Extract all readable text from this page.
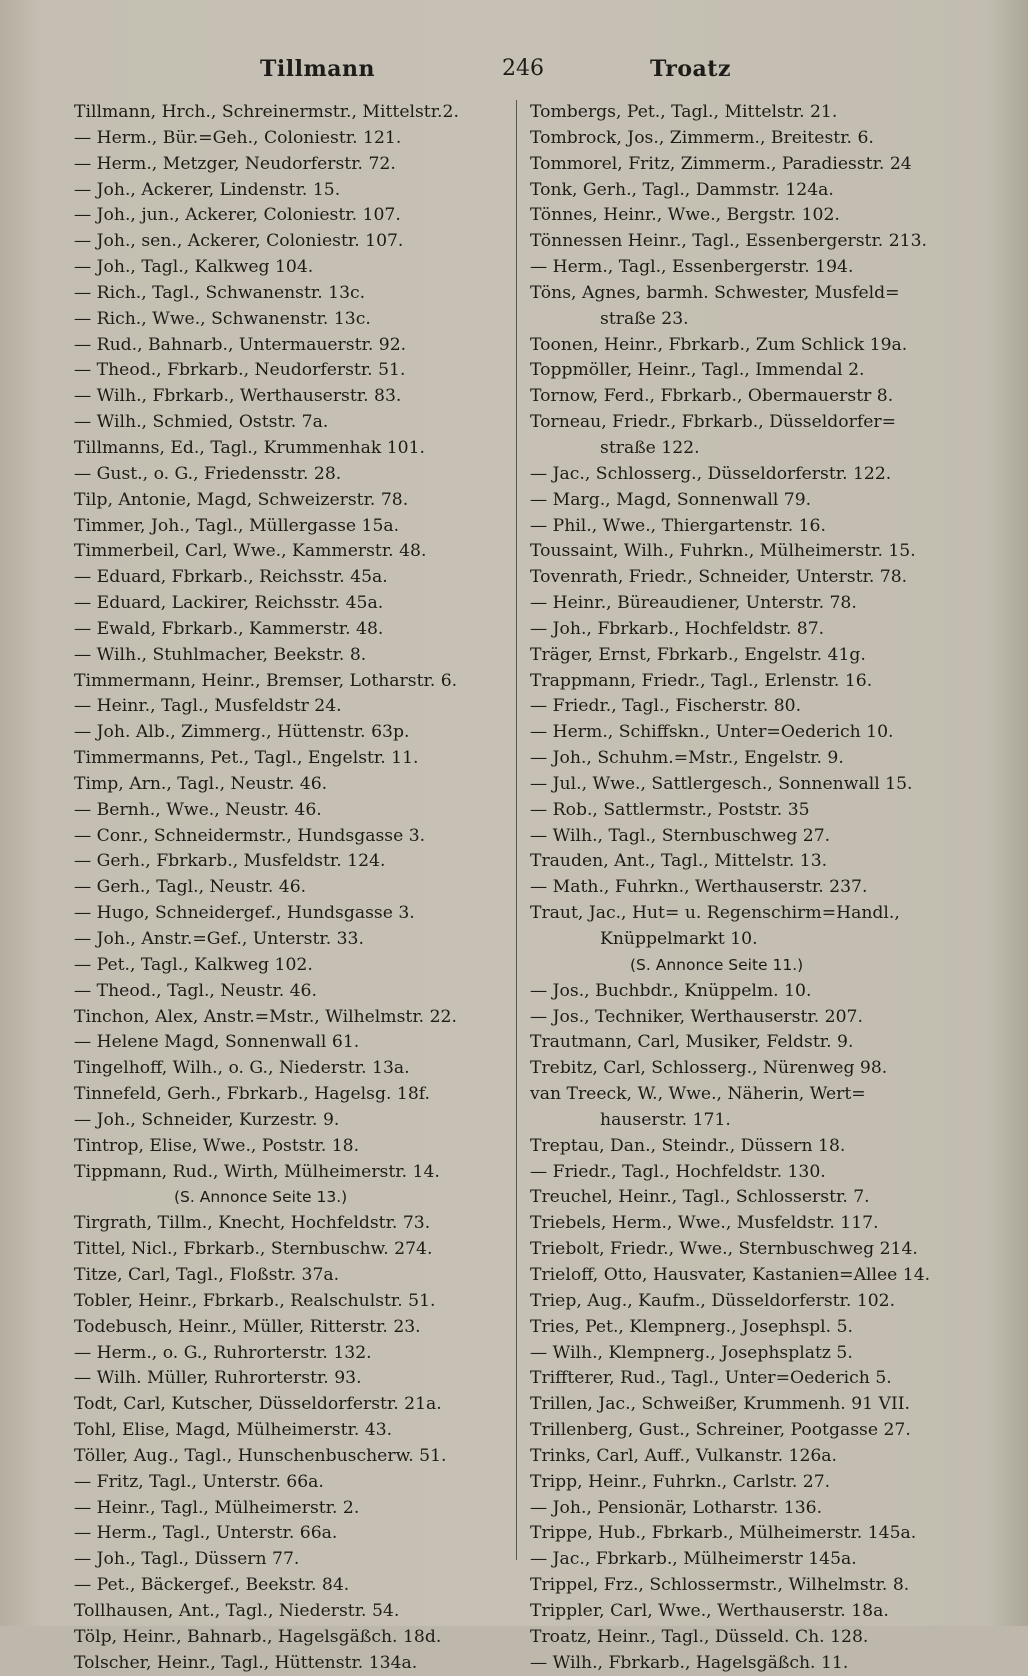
Tillmann	246	Troatz
Tillmann, Hrch., Schreinermstr., Mittelstr.2.
— Herm., Bür.=Geh., Coloniestr. 121.
— Herm., Metzger, Neudorferstr. 72.
— Joh., Ackerer, Lindenstr. 15.
— Joh., jun., Ackerer, Coloniestr. 107.
— Joh., sen., Ackerer, Coloniestr. 107.
— Joh., Tagl., Kalkweg 104.
— Rich., Tagl., Schwanenstr. 13c.
— Rich., Wwe., Schwanenstr. 13c.
— Rud., Bahnarb., Untermauerstr. 92.
— Theod., Fbrkarb., Neudorferstr. 51.
— Wilh., Fbrkarb., Werthauserstr. 83.
— Wilh., Schmied, Oststr. 7a.
Tillmanns, Ed., Tagl., Krummenhak 101.
— Gust., o. G., Friedensstr. 28.
Tilp, Antonie, Magd, Schweizerstr. 78.
Timmer, Joh., Tagl., Müllergasse 15a.
Timmerbeil, Carl, Wwe., Kammerstr. 48.
— Eduard, Fbrkarb., Reichsstr. 45a.
— Eduard, Lackirer, Reichsstr. 45a.
— Ewald, Fbrkarb., Kammerstr. 48.
— Wilh., Stuhlmacher, Beekstr. 8.
Timmermann, Heinr., Bremser, Lotharstr. 6.
— Heinr., Tagl., Musfeldstr 24.
— Joh. Alb., Zimmerg., Hüttenstr. 63p.
Timmermanns, Pet., Tagl., Engelstr. 11.
Timp, Arn., Tagl., Neustr. 46.
— Bernh., Wwe., Neustr. 46.
— Conr., Schneidermstr., Hundsgasse 3.
— Gerh., Fbrkarb., Musfeldstr. 124.
— Gerh., Tagl., Neustr. 46.
— Hugo, Schneidergef., Hundsgasse 3.
— Joh., Anstr.=Gef., Unterstr. 33.
— Pet., Tagl., Kalkweg 102.
— Theod., Tagl., Neustr. 46.
Tinchon, Alex, Anstr.=Mstr., Wilhelmstr. 22.
— Helene Magd, Sonnenwall 61.
Tingelhoff, Wilh., o. G., Niederstr. 13a.
Tinnefeld, Gerh., Fbrkarb., Hagelsg. 18f.
— Joh., Schneider, Kurzestr. 9.
Tintrop, Elise, Wwe., Poststr. 18.
Tippmann, Rud., Wirth, Mülheimerstr. 14.
(S. Annonce Seite 13.)
Tirgrath, Tillm., Knecht, Hochfeldstr. 73.
Tittel, Nicl., Fbrkarb., Sternbuschw. 274.
Titze, Carl, Tagl., Floßstr. 37a.
Tobler, Heinr., Fbrkarb., Realschulstr. 51.
Todebusch, Heinr., Müller, Ritterstr. 23.
— Herm., o. G., Ruhrorterstr. 132.
— Wilh. Müller, Ruhrorterstr. 93.
Todt, Carl, Kutscher, Düsseldorferstr. 21a.
Tohl, Elise, Magd, Mülheimerstr. 43.
Töller, Aug., Tagl., Hunschenbuscherw. 51.
— Fritz, Tagl., Unterstr. 66a.
— Heinr., Tagl., Mülheimerstr. 2.
— Herm., Tagl., Unterstr. 66a.
— Joh., Tagl., Düssern 77.
— Pet., Bäckergef., Beekstr. 84.
Tollhausen, Ant., Tagl., Niederstr. 54.
Tölp, Heinr., Bahnarb., Hagelsgäßch. 18d.
Tolscher, Heinr., Tagl., Hüttenstr. 134a.
Tombergs, Pet., Tagl., Mittelstr. 21.
Tombrock, Jos., Zimmerm., Breitestr. 6.
Tommorel, Fritz, Zimmerm., Paradiesstr. 24
Tonk, Gerh., Tagl., Dammstr. 124a.
Tönnes, Heinr., Wwe., Bergstr. 102.
Tönnessen Heinr., Tagl., Essenbergerstr. 213.
— Herm., Tagl., Essenbergerstr. 194.
Töns, Agnes, barmh. Schwester, Musfeld=
straße 23.
Toonen, Heinr., Fbrkarb., Zum Schlick 19a.
Toppmöller, Heinr., Tagl., Immendal 2.
Tornow, Ferd., Fbrkarb., Obermauerstr 8.
Torneau, Friedr., Fbrkarb., Düsseldorfer=
straße 122.
— Jac., Schlosserg., Düsseldorferstr. 122.
— Marg., Magd, Sonnenwall 79.
— Phil., Wwe., Thiergartenstr. 16.
Toussaint, Wilh., Fuhrkn., Mülheimerstr. 15.
Tovenrath, Friedr., Schneider, Unterstr. 78.
— Heinr., Büreaudiener, Unterstr. 78.
— Joh., Fbrkarb., Hochfeldstr. 87.
Träger, Ernst, Fbrkarb., Engelstr. 41g.
Trappmann, Friedr., Tagl., Erlenstr. 16.
— Friedr., Tagl., Fischerstr. 80.
— Herm., Schiffskn., Unter=Oederich 10.
— Joh., Schuhm.=Mstr., Engelstr. 9.
— Jul., Wwe., Sattlergesch., Sonnenwall 15.
— Rob., Sattlermstr., Poststr. 35
— Wilh., Tagl., Sternbuschweg 27.
Trauden, Ant., Tagl., Mittelstr. 13.
— Math., Fuhrkn., Werthauserstr. 237.
Traut, Jac., Hut= u. Regenschirm=Handl.,
Knüppelmarkt 10.
(S. Annonce Seite 11.)
— Jos., Buchbdr., Knüppelm. 10.
— Jos., Techniker, Werthauserstr. 207.
Trautmann, Carl, Musiker, Feldstr. 9.
Trebitz, Carl, Schlosserg., Nürenweg 98.
van Treeck, W., Wwe., Näherin, Wert=
hauserstr. 171.
Treptau, Dan., Steindr., Düssern 18.
— Friedr., Tagl., Hochfeldstr. 130.
Treuchel, Heinr., Tagl., Schlosserstr. 7.
Triebels, Herm., Wwe., Musfeldstr. 117.
Triebolt, Friedr., Wwe., Sternbuschweg 214.
Trieloff, Otto, Hausvater, Kastanien=Allee 14.
Triep, Aug., Kaufm., Düsseldorferstr. 102.
Tries, Pet., Klempnerg., Josephspl. 5.
— Wilh., Klempnerg., Josephsplatz 5.
Triffterer, Rud., Tagl., Unter=Oederich 5.
Trillen, Jac., Schweißer, Krummenh. 91 VII.
Trillenberg, Gust., Schreiner, Pootgasse 27.
Trinks, Carl, Auff., Vulkanstr. 126a.
Tripp, Heinr., Fuhrkn., Carlstr. 27.
— Joh., Pensionär, Lotharstr. 136.
Trippe, Hub., Fbrkarb., Mülheimerstr. 145a.
— Jac., Fbrkarb., Mülheimerstr 145a.
Trippel, Frz., Schlossermstr., Wilhelmstr. 8.
Trippler, Carl, Wwe., Werthauserstr. 18a.
Troatz, Heinr., Tagl., Düsseld. Ch. 128.
— Wilh., Fbrkarb., Hagelsgäßch. 11.
